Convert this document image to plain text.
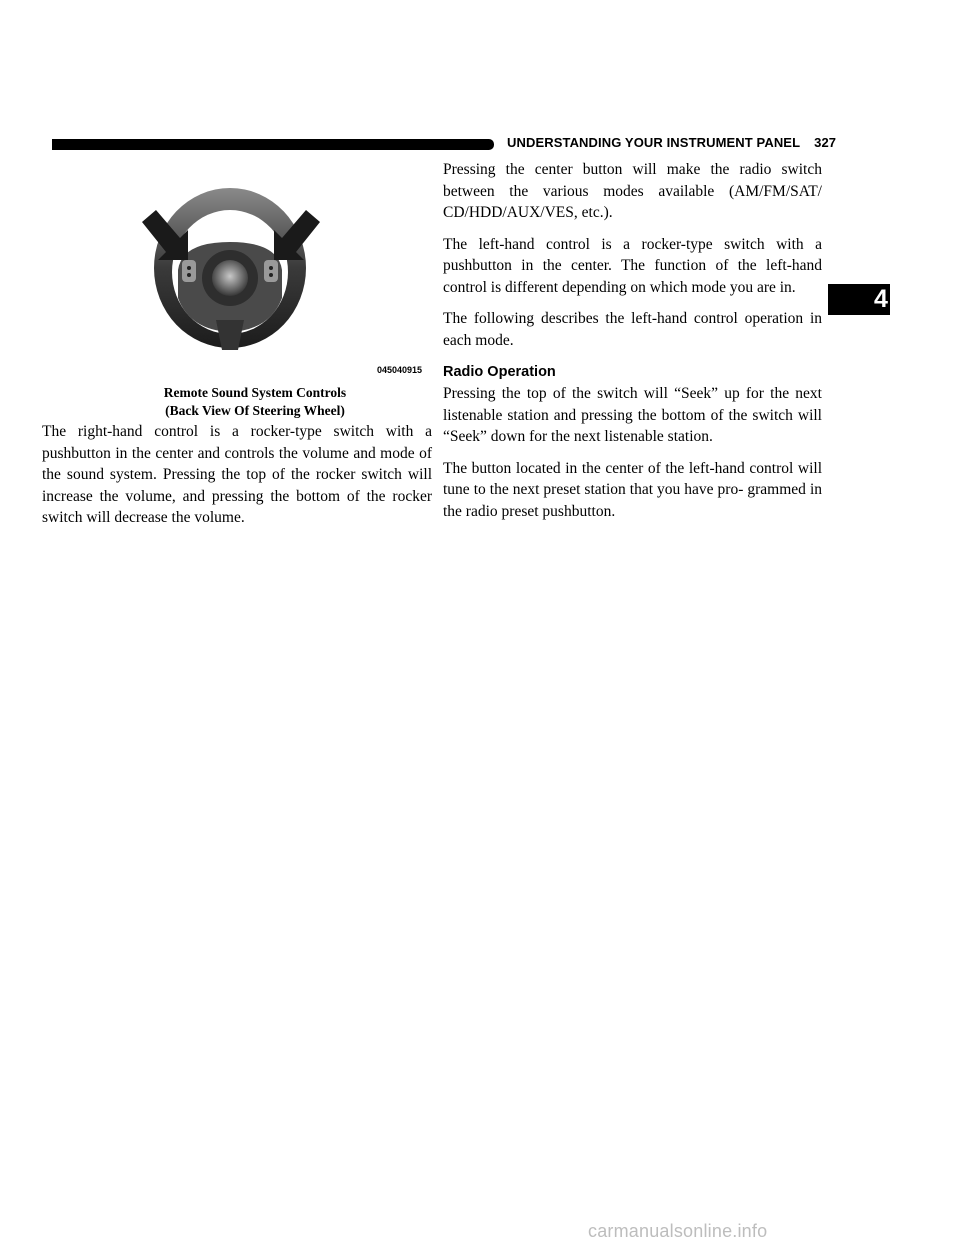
UNDERSTANDING YOUR INSTRUMENT PANEL 327
4
045040915
Remote Sound System Controls
(Back View Of Steering Wheel)

The right-hand control is a rocker-type switch with a pushbutton in the center and controls the volume and mode of the sound system. Pressing the top of the rocker switch will increase the volume, and pressing the bottom of the rocker switch will decrease the volume.

Pressing the center button will make the radio switch between the various modes available (AM/FM/SAT/ CD/HDD/AUX/VES, etc.).

The left-hand control is a rocker-type switch with a pushbutton in the center. The function of the left-hand control is different depending on which mode you are in.

The following describes the left-hand control operation in each mode.

Radio Operation

Pressing the top of the switch will “Seek” up for the next listenable station and pressing the bottom of the switch will “Seek” down for the next listenable station.

The button located in the center of the left-hand control will tune to the next preset station that you have pro- grammed in the radio preset pushbutton.

carmanualsonline.info
